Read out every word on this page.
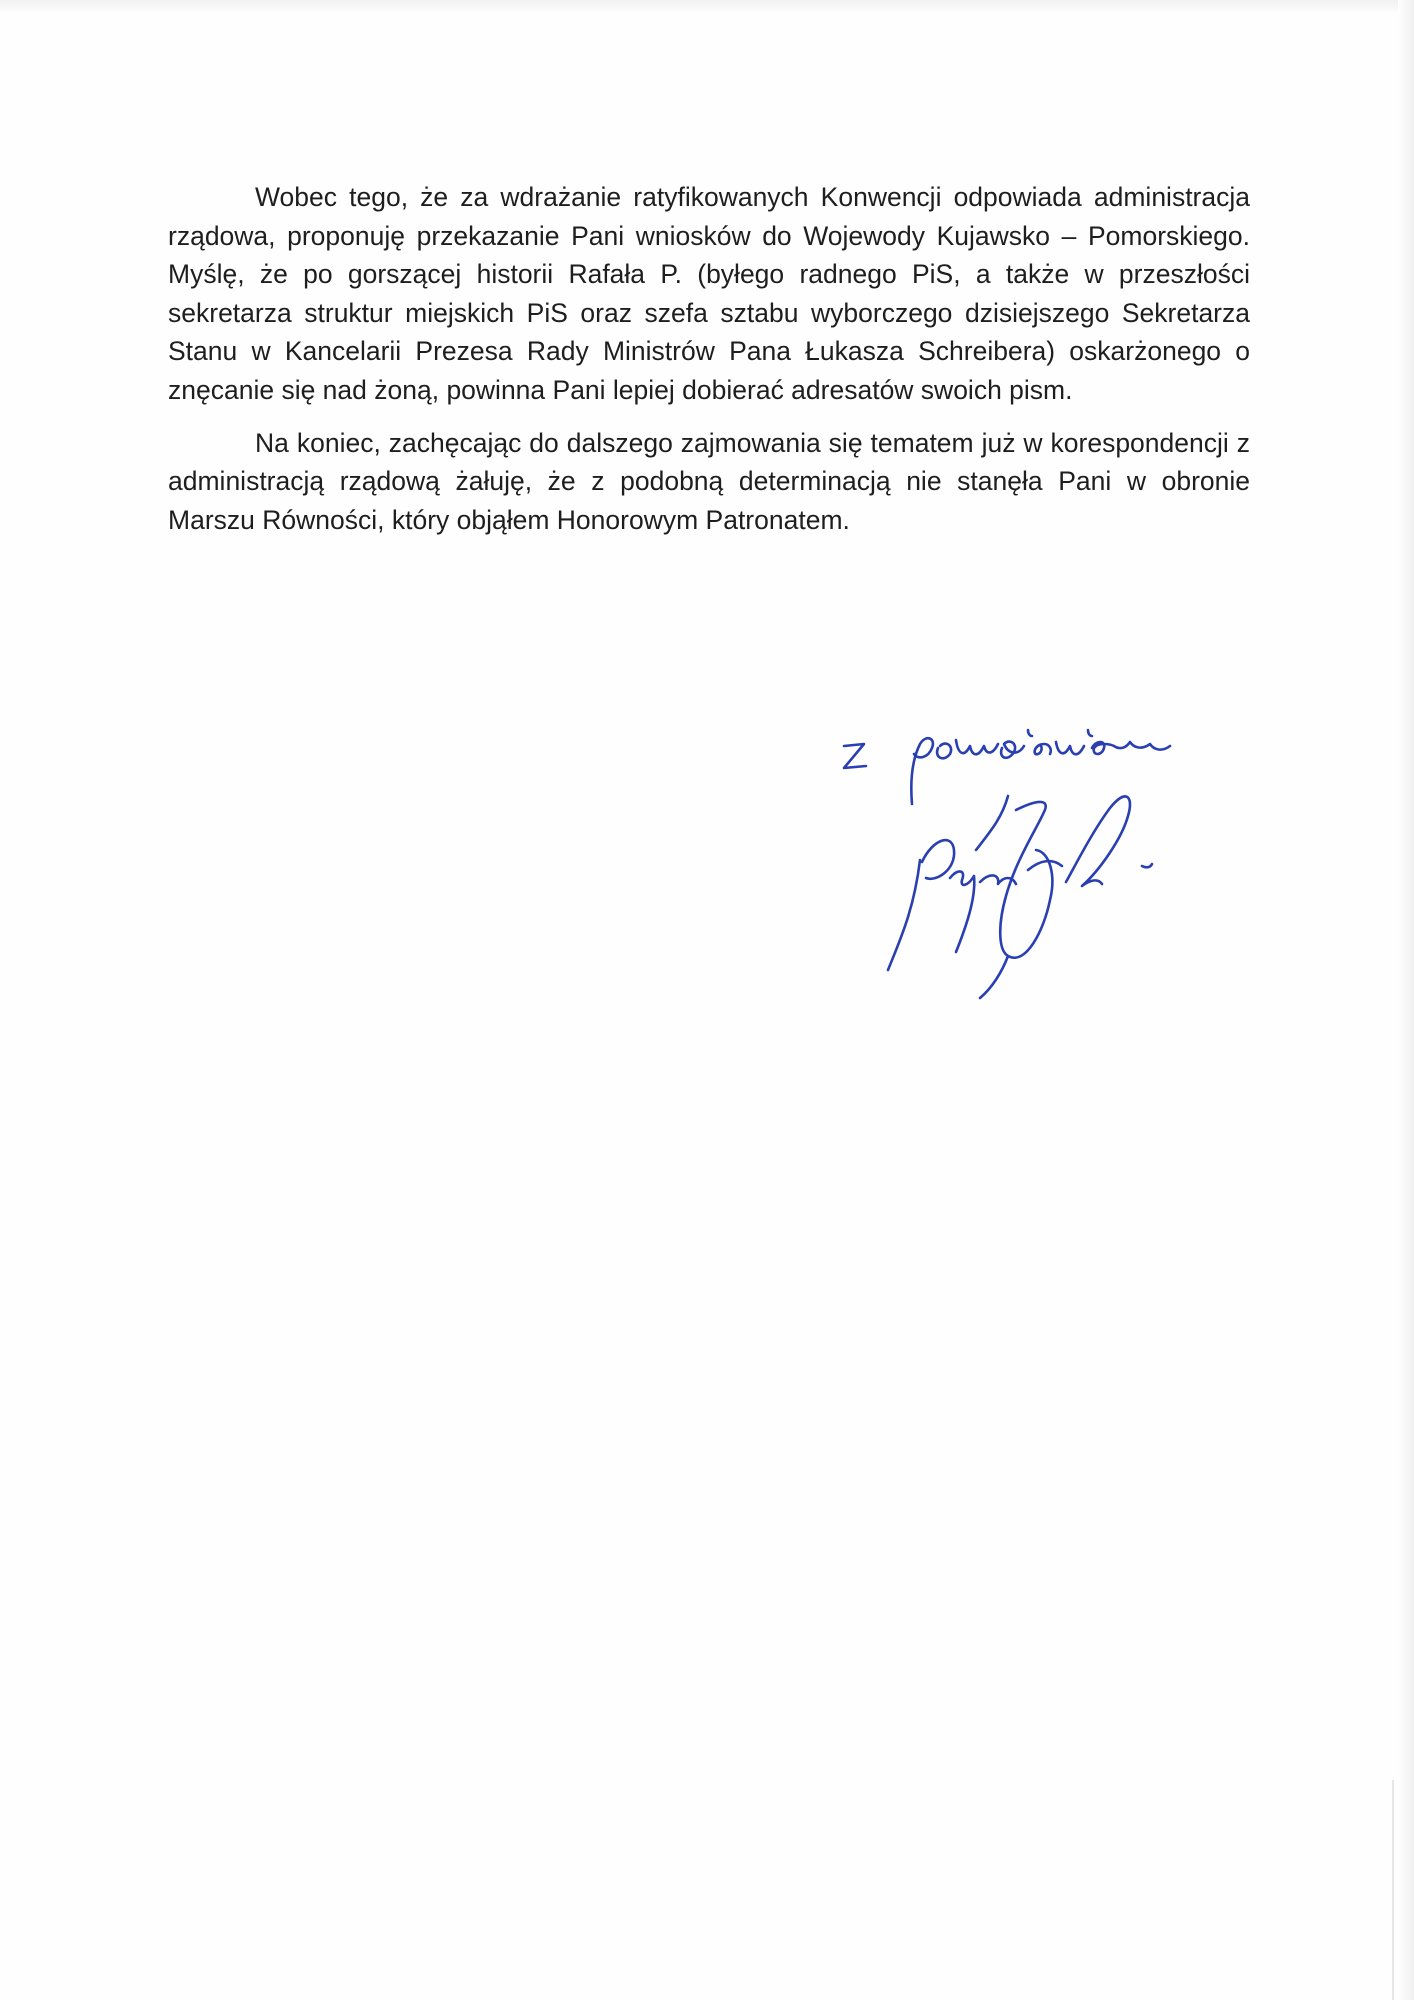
Wobec tego, że za wdrażanie ratyfikowanych Konwencji odpowiada administracja rządowa, proponuję przekazanie Pani wniosków do Wojewody Kujawsko – Pomorskiego. Myślę, że po gorszącej historii Rafała P. (byłego radnego PiS, a także w przeszłości sekretarza struktur miejskich PiS oraz szefa sztabu wyborczego dzisiejszego Sekretarza Stanu w Kancelarii Prezesa Rady Ministrów Pana Łukasza Schreibera) oskarżonego o znęcanie się nad żoną, powinna Pani lepiej dobierać adresatów swoich pism.

Na koniec, zachęcając do dalszego zajmowania się tematem już w korespondencji z administracją rządową żałuję, że z podobną determinacją nie stanęła Pani w obronie Marszu Równości, który objąłem Honorowym Patronatem.
